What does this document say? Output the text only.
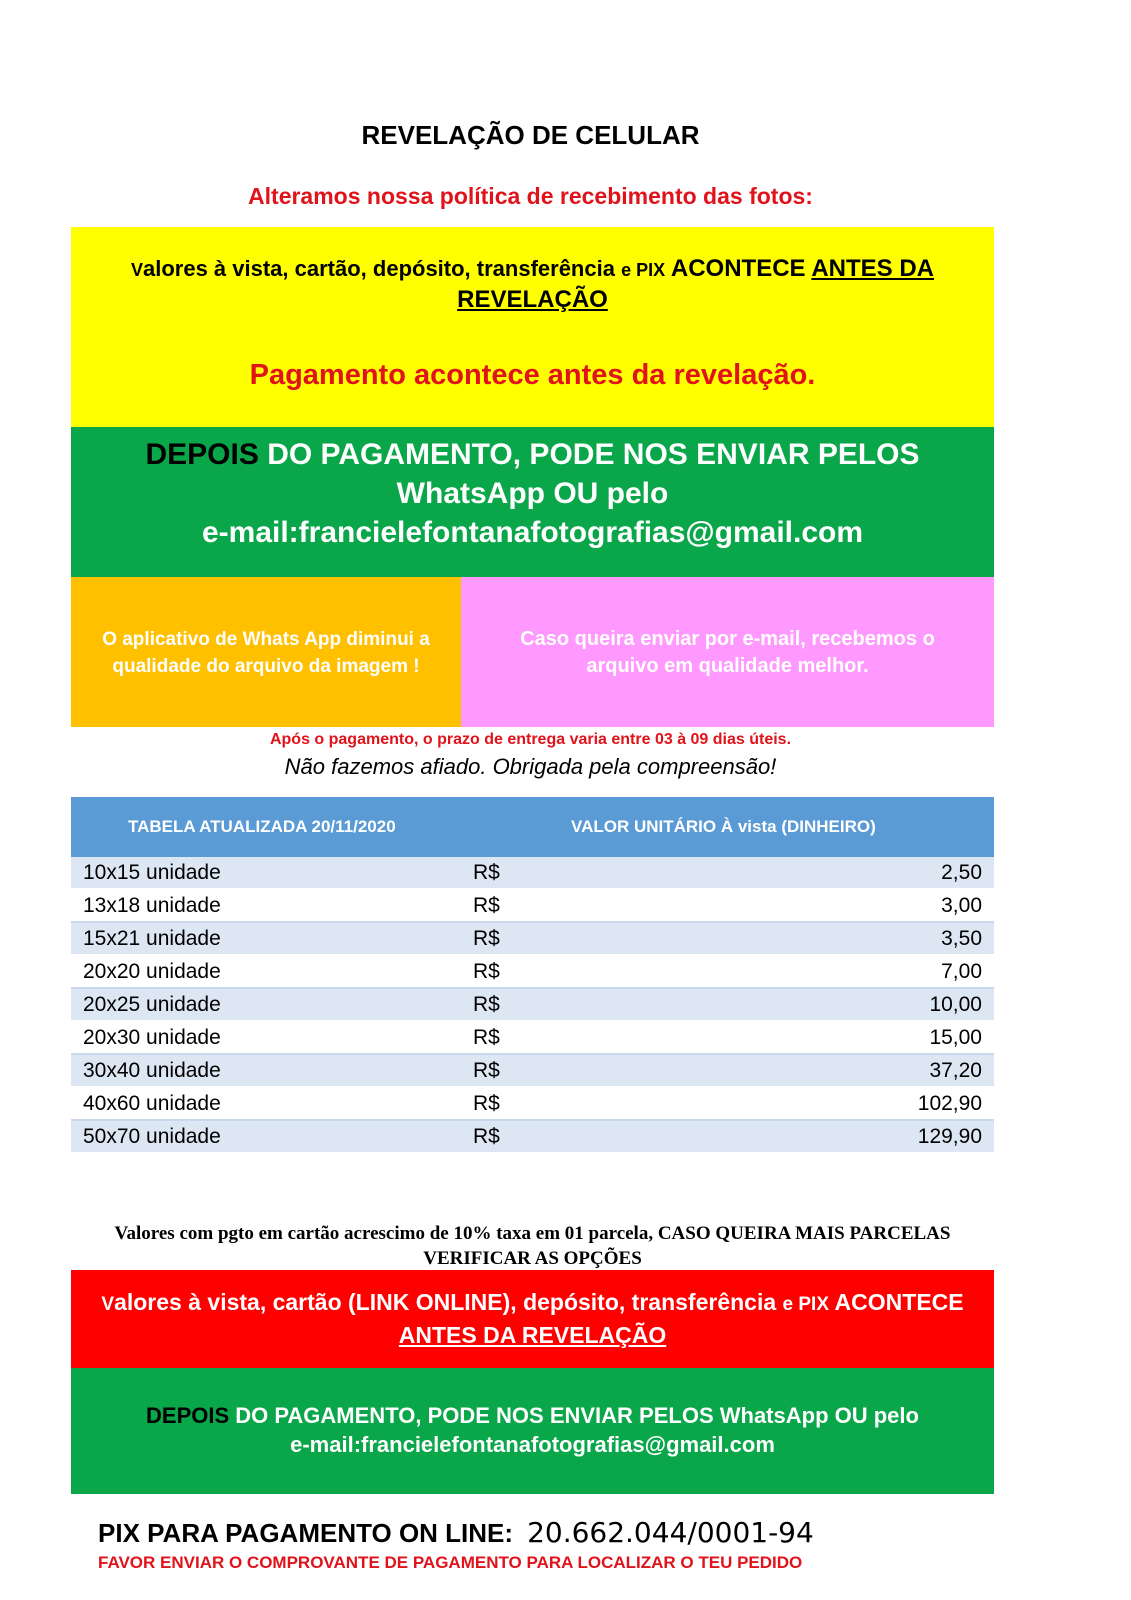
REVELAÇÃO DE CELULAR
Alteramos nossa política de recebimento das fotos:
Valores à vista, cartão, depósito, transferência e PIX ACONTECE ANTES DA
REVELAÇÃO
Pagamento acontece antes da revelação.
DEPOIS DO PAGAMENTO, PODE NOS ENVIAR PELOS
WhatsApp OU pelo
e-mail:francielefontanafotografias@gmail.com
O aplicativo de Whats App diminui a
qualidade do arquivo da imagem !
Caso queira enviar por e-mail, recebemos o
arquivo em qualidade melhor.
Após o pagamento, o prazo de entrega varia entre 03 à 09 dias úteis.
Não fazemos afiado. Obrigada pela compreensão!
TABELA ATUALIZADA 20/11/2020	VALOR UNITÁRIO À vista (DINHEIRO)
10x15 unidade	R$	2,50
13x18 unidade	R$	3,00
15x21 unidade	R$	3,50
20x20 unidade	R$	7,00
20x25 unidade	R$	10,00
20x30 unidade	R$	15,00
30x40 unidade	R$	37,20
40x60 unidade	R$	102,90
50x70 unidade	R$	129,90
Valores com pgto em cartão acrescimo de 10% taxa em 01 parcela, CASO QUEIRA MAIS PARCELAS
VERIFICAR AS OPÇÕES
Valores à vista, cartão (LINK ONLINE), depósito, transferência e PIX ACONTECE
ANTES DA REVELAÇÃO
DEPOIS DO PAGAMENTO, PODE NOS ENVIAR PELOS WhatsApp OU pelo
e-mail:francielefontanafotografias@gmail.com
PIX PARA PAGAMENTO ON LINE: 20.662.044/0001-94
FAVOR ENVIAR O COMPROVANTE DE PAGAMENTO PARA LOCALIZAR O TEU PEDIDO
